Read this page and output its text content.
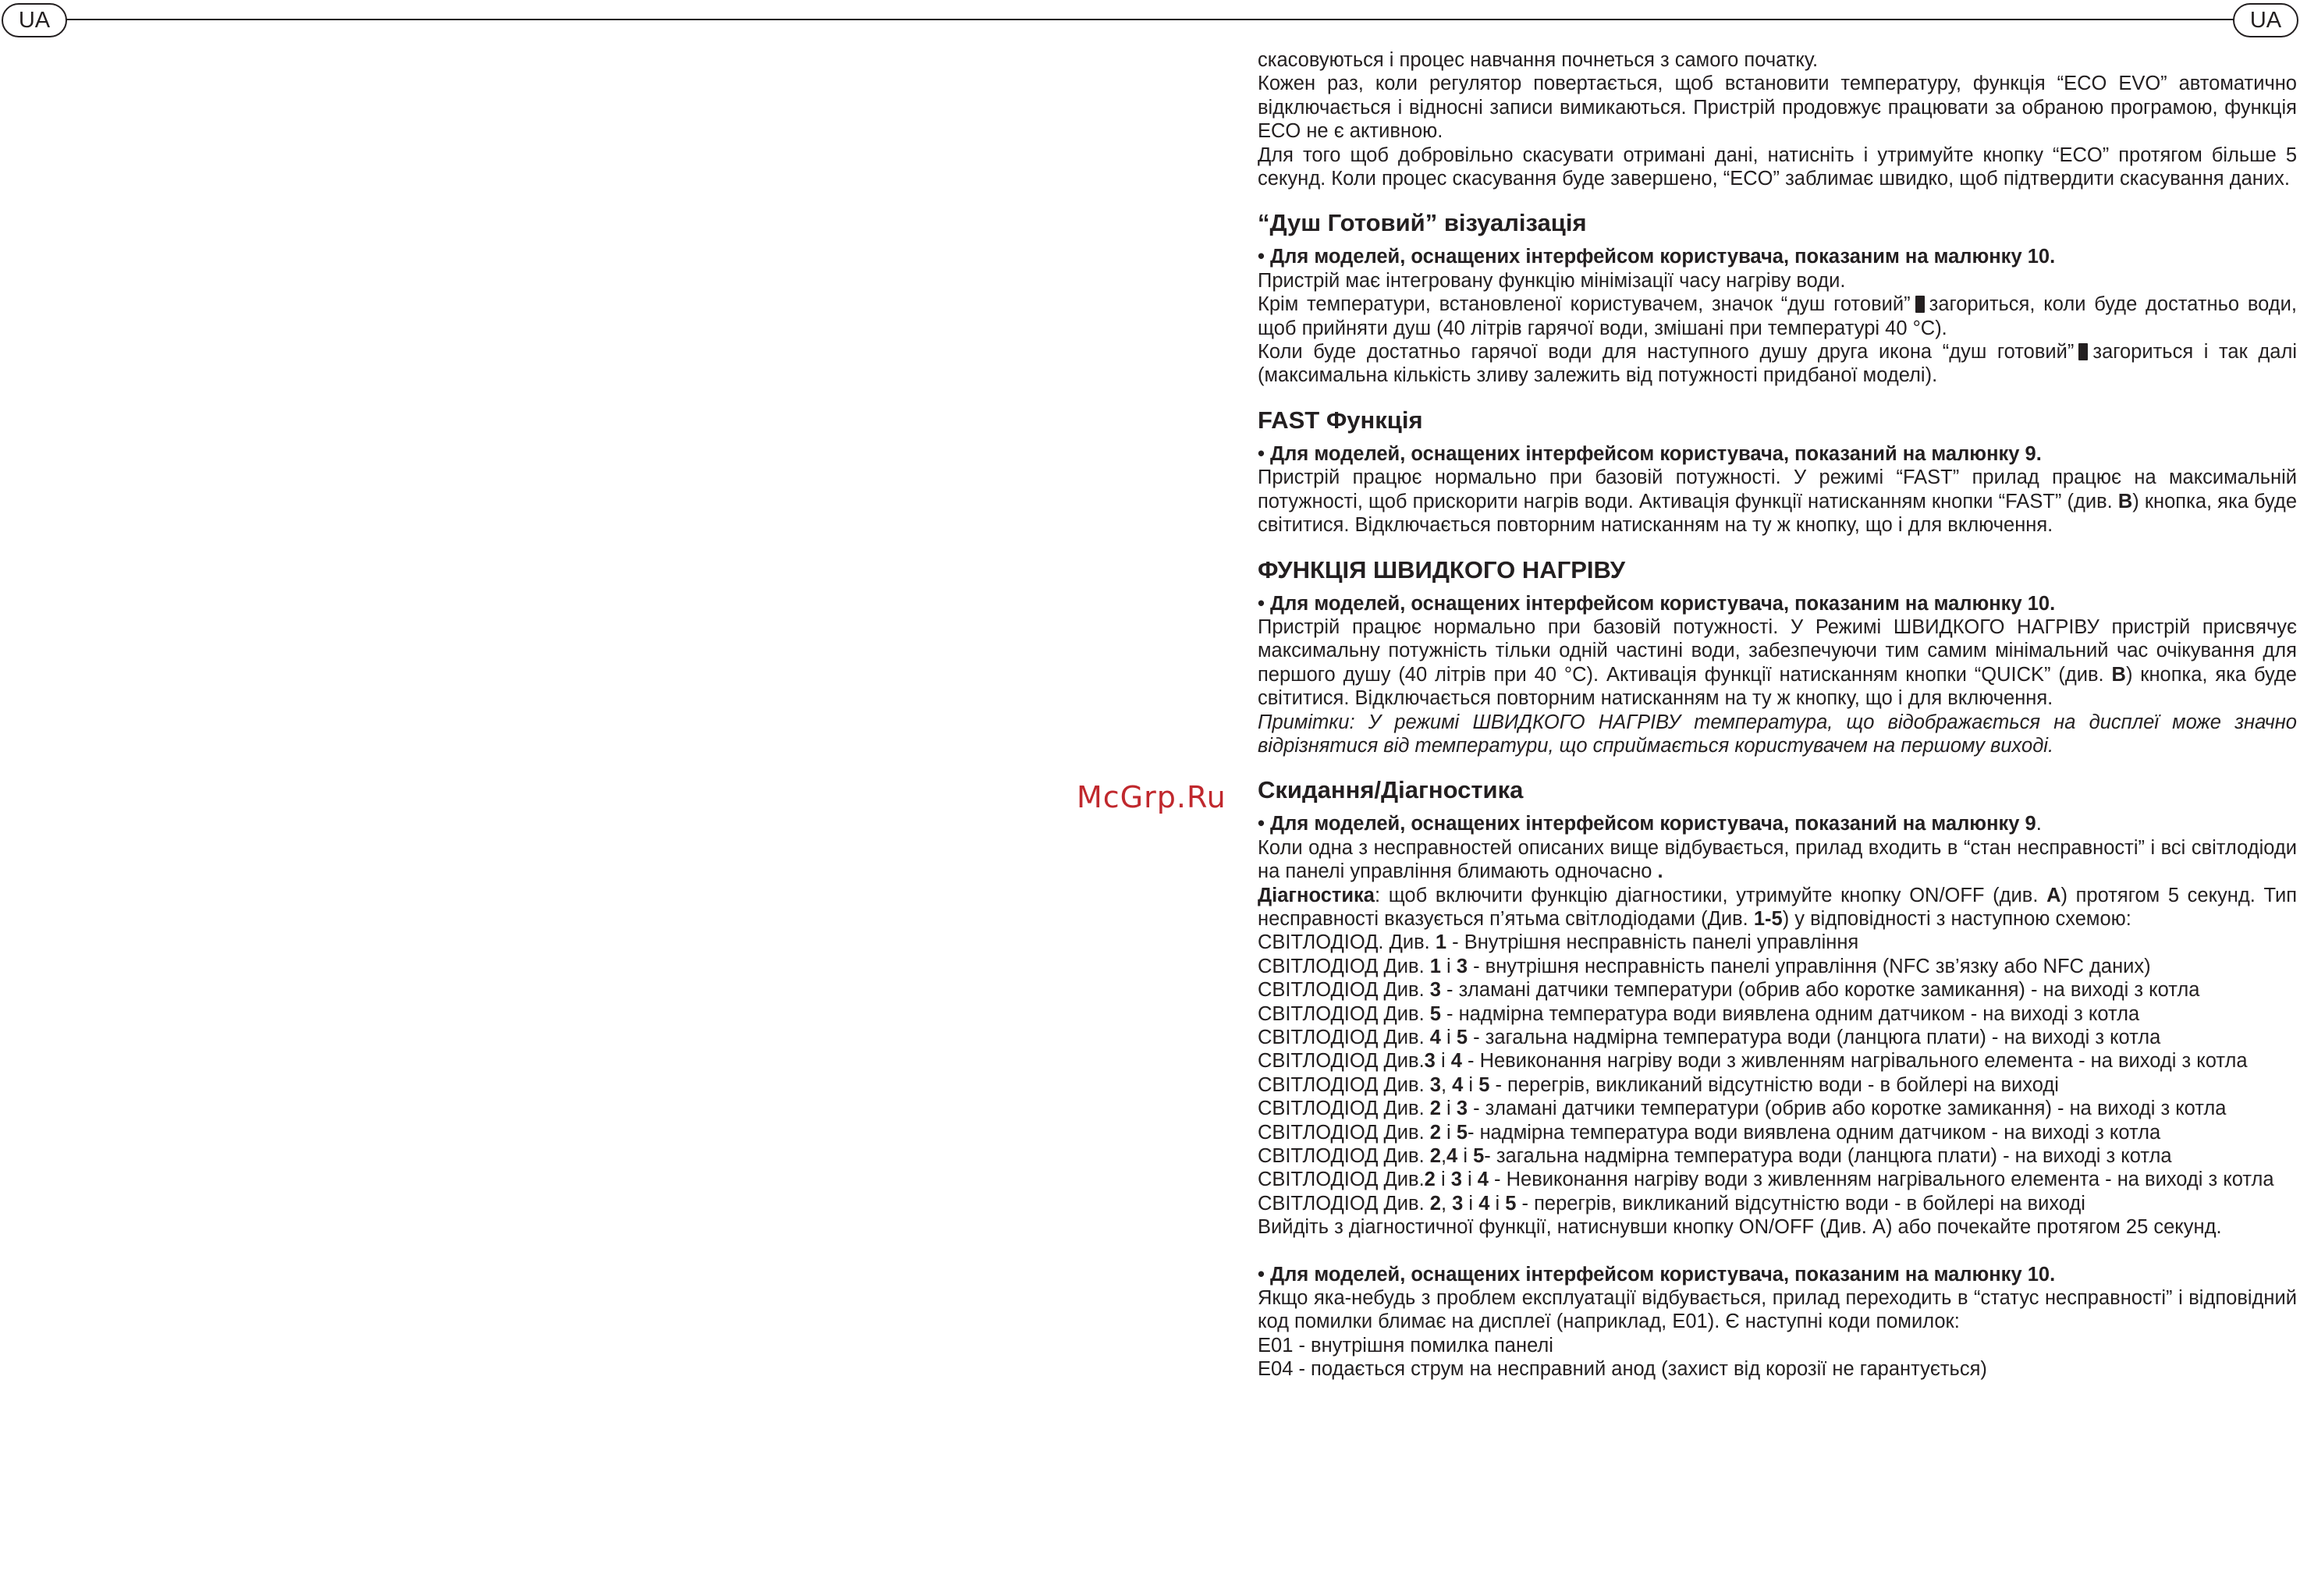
UA	UA
McGrp.Ru

скасовуються і процес навчання почнеться з самого початку.

Кожен раз, коли регулятор повертається, щоб встановити температуру, функція “ECO EVO” автоматично відключається і відносні записи вимикаються. Пристрій продовжує працювати за обраною програмою, функція ECO не є активною.

Для того щоб добровільно скасувати отримані дані, натисніть і утримуйте кнопку “ECO” протягом більше 5 секунд. Коли процес скасування буде завершено, “ECO” заблимає швидко, щоб підтвердити скасування даних.

“Душ Готовий” візуалізація

• Для моделей, оснащених інтерфейсом користувача, показаним на малюнку 10.

Пристрій має інтегровану функцію мінімізації часу нагріву води.

Крім температури, встановленої користувачем, значок “душ готовий” загориться, коли буде достатньо води, щоб прийняти душ (40 літрів гарячої води, змішані при температурі 40 °C).

Коли буде достатньо гарячої води для наступного душу друга икона “душ готовий” загориться і так далі (максимальна кількість зливу залежить від потужності придбаної моделі).

FAST Функція

• Для моделей, оснащених інтерфейсом користувача, показаний на малюнку 9.

Пристрій працює нормально при базовій потужності. У режимі “FAST” прилад працює на максимальній потужності, щоб прискорити нагрів води. Активація функції натисканням кнопки “FAST” (див. B) кнопка, яка буде світитися. Відключається повторним натисканням на ту ж кнопку, що і для включення.

ФУНКЦІЯ ШВИДКОГО НАГРІВУ

• Для моделей, оснащених інтерфейсом користувача, показаним на малюнку 10.

Пристрій працює нормально при базовій потужності. У Режимі ШВИДКОГО НАГРІВУ пристрій присвячує максимальну потужність тільки одній частині води, забезпечуючи тим самим мінімальний час очікування для першого душу (40 літрів при 40 °C). Активація функції натисканням кнопки “QUICK” (див. B) кнопка, яка буде світитися. Відключається повторним натисканням на ту ж кнопку, що і для включення.

Примітки: У режимі ШВИДКОГО НАГРІВУ температура, що відображається на дисплеї може значно відрізнятися від температури, що сприймається користувачем на першому виході.

Скидання/Діагностика

• Для моделей, оснащених інтерфейсом користувача, показаний на малюнку 9.

Коли одна з несправностей описаних вище відбувається, прилад входить в “стан несправності” і всі світлодіоди на панелі управління блимають одночасно .

Діагностика: щоб включити функцію діагностики, утримуйте кнопку ON/OFF (див. A) протягом 5 секунд. Тип несправності вказується п’ятьма світлодіодами (Див. 1-5) у відповідності з наступною схемою:

СВІТЛОДІОД. Див. 1 - Внутрішня несправність панелі управління

СВІТЛОДІОД Див. 1 і 3 - внутрішня несправність панелі управління (NFC зв’язку або NFC даних)

СВІТЛОДІОД Див. 3 - зламані датчики температури (обрив або коротке замикання) - на виході з котла

СВІТЛОДІОД Див. 5 - надмірна температура води виявлена одним датчиком - на виході з котла

СВІТЛОДІОД Див. 4 і 5 - загальна надмірна температура води (ланцюга плати) - на виході з котла

СВІТЛОДІОД Див.3 і 4 - Невиконання нагріву води з живленням нагрівального елемента - на виході з котла

СВІТЛОДІОД Див. 3, 4 і 5 - перегрів, викликаний відсутністю води - в бойлері на виході

СВІТЛОДІОД Див. 2 і 3 - зламані датчики температури (обрив або коротке замикання) - на виході з котла

СВІТЛОДІОД Див. 2 і 5- надмірна температура води виявлена одним датчиком - на виході з котла

СВІТЛОДІОД Див. 2,4 і 5- загальна надмірна температура води (ланцюга плати) - на виході з котла

СВІТЛОДІОД Див.2 і 3 і 4 - Невиконання нагріву води з живленням нагрівального елемента - на виході з котла

СВІТЛОДІОД Див. 2, 3 і 4 і 5 - перегрів, викликаний відсутністю води - в бойлері на виході

Вийдіть з діагностичної функції, натиснувши кнопку ON/OFF (Див. A) або почекайте протягом 25 секунд.

• Для моделей, оснащених інтерфейсом користувача, показаним на малюнку 10.

Якщо яка-небудь з проблем експлуатації відбувається, прилад переходить в “статус несправності” і відповідний код помилки блимає на дисплеї (наприклад, E01). Є наступні коди помилок:

E01 - внутрішня помилка панелі

E04 - подається струм на несправний анод (захист від корозії не гарантується)
